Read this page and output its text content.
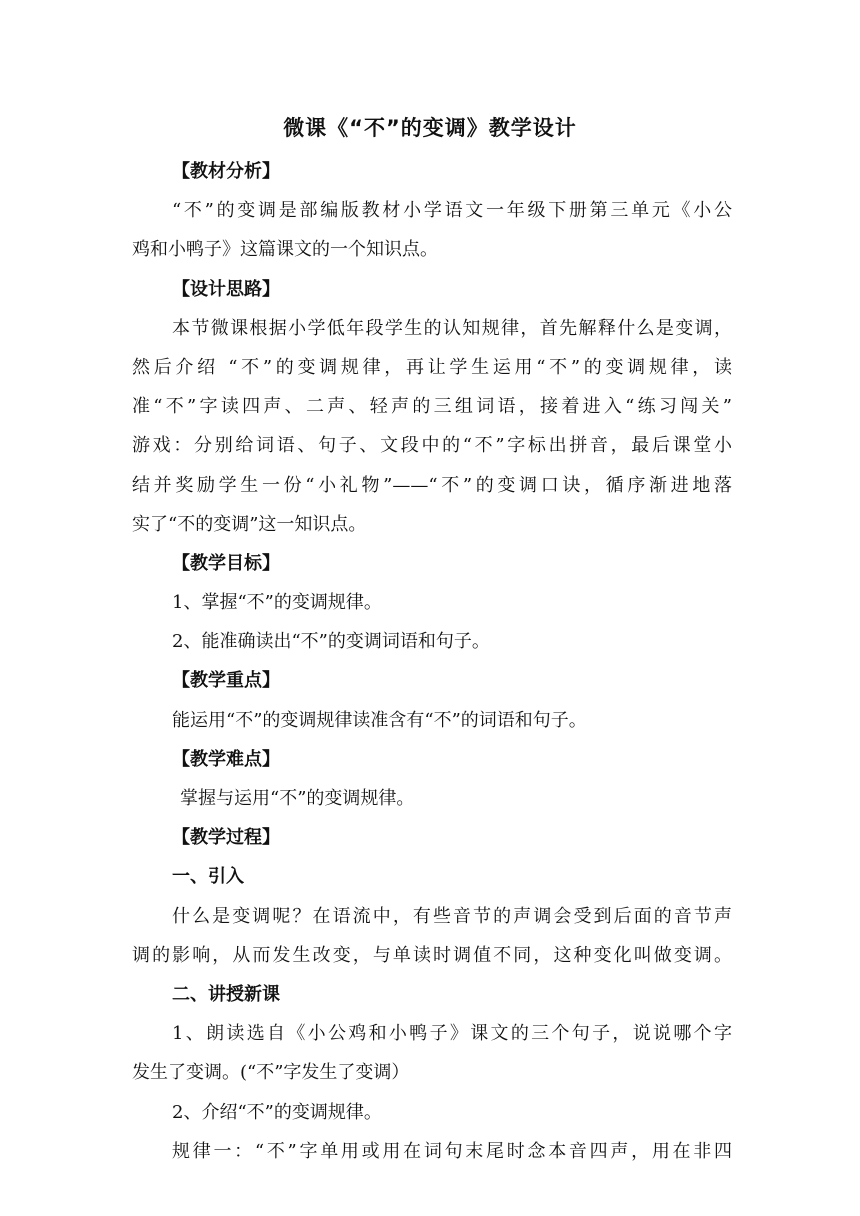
微课《“不”的变调》教学设计
【教材分析】
“不”的变调是部编版教材小学语文一年级下册第三单元《小公
鸡和小鸭子》这篇课文的一个知识点。
【设计思路】
本节微课根据小学低年段学生的认知规律，首先解释什么是变调，
然后介绍 “不”的变调规律，再让学生运用“不”的变调规律，读
准“不”字读四声、二声、轻声的三组词语，接着进入“练习闯关”
游戏：分别给词语、句子、文段中的“不”字标出拼音，最后课堂小
结并奖励学生一份“小礼物”——“不”的变调口诀，循序渐进地落
实了“不的变调”这一知识点。
【教学目标】
1、掌握“不”的变调规律。
2、能准确读出“不”的变调词语和句子。
【教学重点】
能运用“不”的变调规律读准含有“不”的词语和句子。
【教学难点】
掌握与运用“不”的变调规律。
【教学过程】
一、引入
什么是变调呢？在语流中，有些音节的声调会受到后面的音节声
调的影响，从而发生改变，与单读时调值不同，这种变化叫做变调。
二、讲授新课
1、朗读选自《小公鸡和小鸭子》课文的三个句子，说说哪个字
发生了变调。(“不”字发生了变调）
2、介绍“不”的变调规律。
规律一：“不”字单用或用在词句末尾时念本音四声，用在非四
